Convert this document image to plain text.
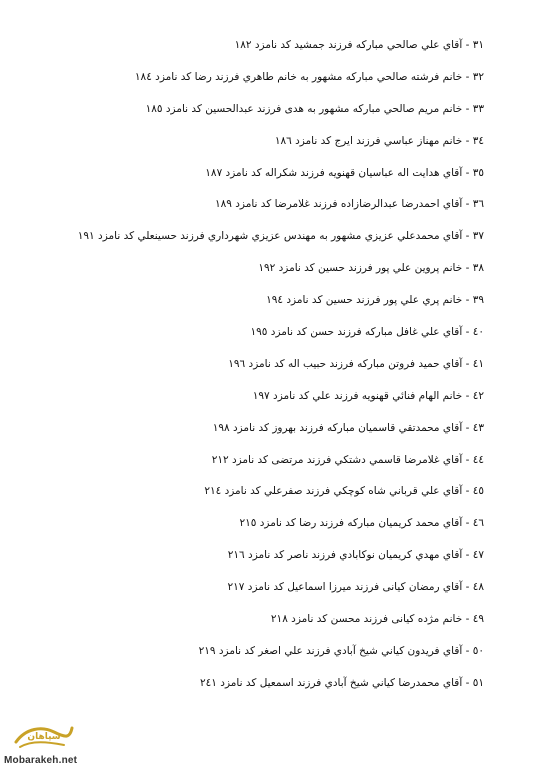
۳۱ - آقاي علي صالحي مباركه فرزند جمشيد كد نامزد ۱۸۲
۳۲ - خانم فرشته صالحي مباركه مشهور به خانم طاهري فرزند رضا كد نامزد ۱۸٤
۳۳ - خانم مريم صالحي مباركه مشهور به هدى فرزند عبدالحسين كد نامزد ۱۸٥
۳٤ - خانم مهناز عباسي فرزند ايرج كد نامزد ۱۸٦
۳٥ - آقاي هدايت اله عباسيان قهنويه فرزند شكراله كد نامزد ۱۸۷
۳٦ - آقاي احمدرضا عبدالرضازاده فرزند غلامرضا كد نامزد ۱۸۹
۳۷ - آقاي محمدعلي عزيزي مشهور به مهندس عزيزي شهرداري فرزند حسينعلي كد نامزد ۱۹۱
۳۸ - خانم پروين علي پور فرزند حسين كد نامزد ۱۹۲
۳۹ - خانم پري علي پور فرزند حسين كد نامزد ۱۹٤
٤۰ - آقاي علي غافل مباركه فرزند حسن كد نامزد ۱۹٥
٤۱ - آقاي حميد فروتن مباركه فرزند حبيب اله كد نامزد ۱۹٦
٤۲ - خانم الهام فنائي قهنويه فرزند علي كد نامزد ۱۹۷
٤۳ - آقاي محمدتقي قاسميان مباركه فرزند بهروز كد نامزد ۱۹۸
٤٤ - آقاي غلامرضا قاسمي دشتكي فرزند مرتضى كد نامزد ۲۱۲
٤٥ - آقاي علي قرباني شاه كوچكي فرزند صفرعلي كد نامزد ۲۱٤
٤٦ - آقاي محمد كريميان مباركه فرزند رضا كد نامزد ۲۱٥
٤۷ - آقاي مهدي كريميان نوكابادي فرزند ناصر كد نامزد ۲۱٦
٤۸ - آقاي رمضان كيانى فرزند ميرزا اسماعيل كد نامزد ۲۱۷
٤۹ - خانم مژده كيانى فرزند محسن كد نامزد ۲۱۸
٥۰ - آقاي فريدون كياني شيخ آبادي فرزند علي اصغر كد نامزد ۲۱۹
٥۱ - آقاي محمدرضا كياني شيخ آبادي فرزند اسمعيل كد نامزد ۲٤۱
سپاهان
Mobarakeh.net
